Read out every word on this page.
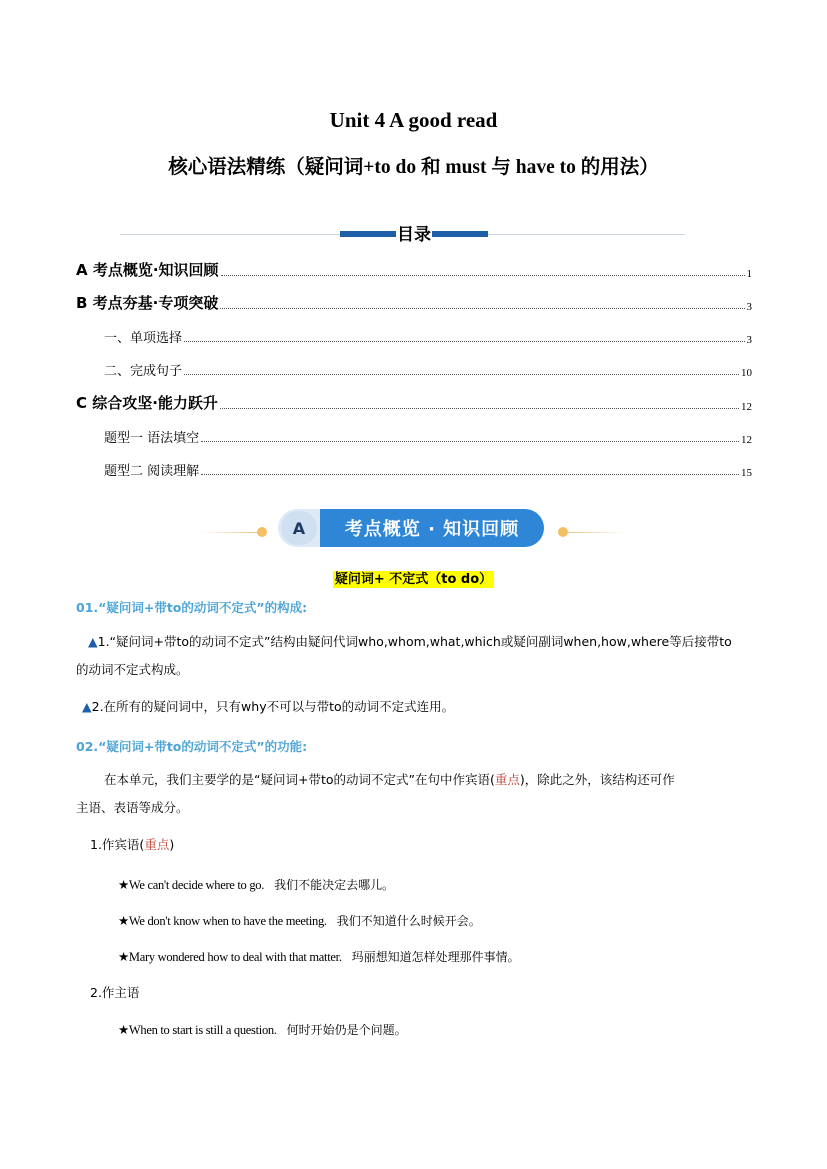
Unit 4 A good read
核心语法精练（疑问词+to do 和 must 与 have to 的用法）
目录
A 考点概览·知识回顾	1
B 考点夯基·专项突破	3
一、单项选择	3
二、完成句子	10
C 综合攻坚·能力跃升	12
题型一 语法填空	12
题型二 阅读理解	15
A	考点概览 · 知识回顾
疑问词+ 不定式（to do）
01.“疑问词+带to的动词不定式”的构成:
▲1.“疑问词+带to的动词不定式”结构由疑问代词who,whom,what,which或疑问副词when,how,where等后接带to
的动词不定式构成。
▲2.在所有的疑问词中，只有why不可以与带to的动词不定式连用。
02.“疑问词+带to的动词不定式”的功能:
在本单元，我们主要学的是“疑问词+带to的动词不定式”在句中作宾语(重点)，除此之外，该结构还可作
主语、表语等成分。
1.作宾语(重点)
★We can't decide where to go. 我们不能决定去哪儿。
★We don't know when to have the meeting. 我们不知道什么时候开会。
★Mary wondered how to deal with that matter. 玛丽想知道怎样处理那件事情。
2.作主语
★When to start is still a question. 何时开始仍是个问题。
